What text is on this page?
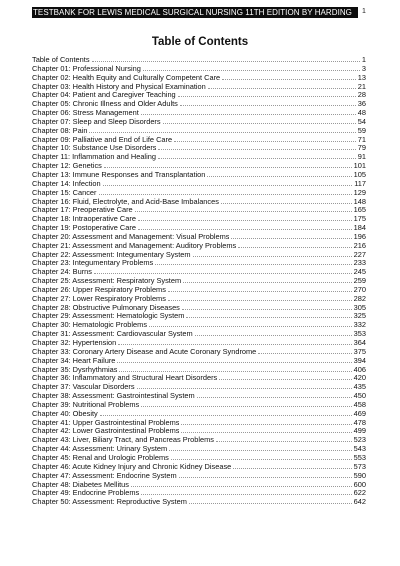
TESTBANK FOR LEWIS MEDICAL SURGICAL NURSING 11TH EDITION BY HARDING	1
Table of Contents
Table of Contents	1
Chapter 01: Professional Nursing	3
Chapter 02: Health Equity and Culturally Competent Care	13
Chapter 03: Health History and Physical Examination	21
Chapter 04: Patient and Caregiver Teaching	28
Chapter 05: Chronic Illness and Older Adults	36
Chapter 06: Stress Management	48
Chapter 07: Sleep and Sleep Disorders	54
Chapter 08: Pain	59
Chapter 09: Palliative and End of Life Care	71
Chapter 10: Substance Use Disorders	79
Chapter 11: Inflammation and Healing	91
Chapter 12: Genetics	101
Chapter 13: Immune Responses and Transplantation	105
Chapter 14: Infection	117
Chapter 15: Cancer	129
Chapter 16: Fluid, Electrolyte, and Acid-Base Imbalances	148
Chapter 17: Preoperative Care	165
Chapter 18: Intraoperative Care	175
Chapter 19: Postoperative Care	184
Chapter 20: Assessment and Management: Visual Problems	196
Chapter 21: Assessment and Management: Auditory Problems	216
Chapter 22: Assessment: Integumentary System	227
Chapter 23: Integumentary Problems	233
Chapter 24: Burns	245
Chapter 25: Assessment: Respiratory System	259
Chapter 26: Upper Respiratory Problems	270
Chapter 27: Lower Respiratory Problems	282
Chapter 28: Obstructive Pulmonary Diseases	305
Chapter 29: Assessment: Hematologic System	325
Chapter 30: Hematologic Problems	332
Chapter 31: Assessment: Cardiovascular System	353
Chapter 32: Hypertension	364
Chapter 33: Coronary Artery Disease and Acute Coronary Syndrome	375
Chapter 34: Heart Failure	394
Chapter 35: Dysrhythmias	406
Chapter 36: Inflammatory and Structural Heart Disorders	420
Chapter 37: Vascular Disorders	435
Chapter 38: Assessment: Gastrointestinal System	450
Chapter 39: Nutritional Problems	458
Chapter 40: Obesity	469
Chapter 41: Upper Gastrointestinal Problems	478
Chapter 42: Lower Gastrointestinal Problems	499
Chapter 43: Liver, Biliary Tract, and Pancreas Problems	523
Chapter 44: Assessment: Urinary System	543
Chapter 45: Renal and Urologic Problems	553
Chapter 46: Acute Kidney Injury and Chronic Kidney Disease	573
Chapter 47: Assessment: Endocrine System	590
Chapter 48: Diabetes Mellitus	600
Chapter 49: Endocrine Problems	622
Chapter 50: Assessment: Reproductive System	642
